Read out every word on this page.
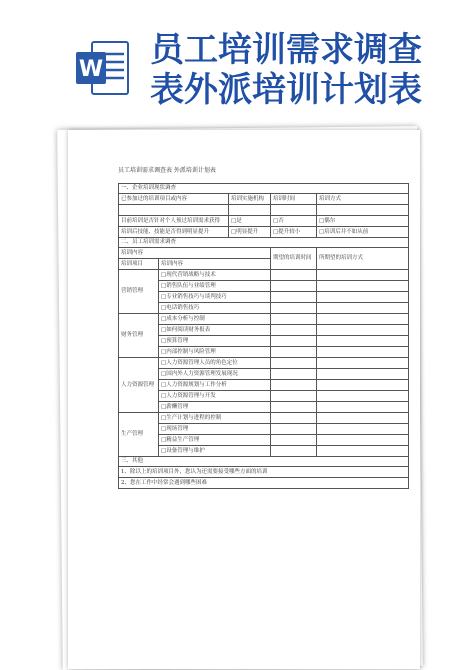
W 员工培训需求调查
表外派培训计划表
员工培训需求调查表 外派培训计划表
一、企业培训现状调查				
已参加过的培训项目或内容		培训实施机构	培训时间	培训方式

目前培训是否针对个人预过培训需求获得		□是	□否	□偶尔
培训后技能、技能是否得到明显提升		□明显提升	□提升较小	□培训后并不如从前
二、员工培训需求调查				
培训内容			期望的培训时间	所期望的培训方式
培训项目	培训内容			
营销管理	□现代营销战略与技术			
	□销售队伍与业绩管理			
	□专业销售技巧与谈判技巧			
	□电话销售技巧			
财务管理	□成本分析与控制			
	□如何阅读财务报表			
	□预算管理			
	□内部控制与风险管理			
人力资源管理	□人力资源管理人员的角色定位			
	□国内外人力资源管理发展现况			
	□人力资源规划与工作分析			
	□人力资源管理与开发			
	□薪酬管理			
生产管理	□生产计划与进程的控制			
	□现场管理			
	□精益生产管理			
	□设备管理与维护			
三、其他				
1、除以上的培训项目外，您认为还需要接受哪些方面的培训				
2、您在工作中经常会遇到哪些困难				
